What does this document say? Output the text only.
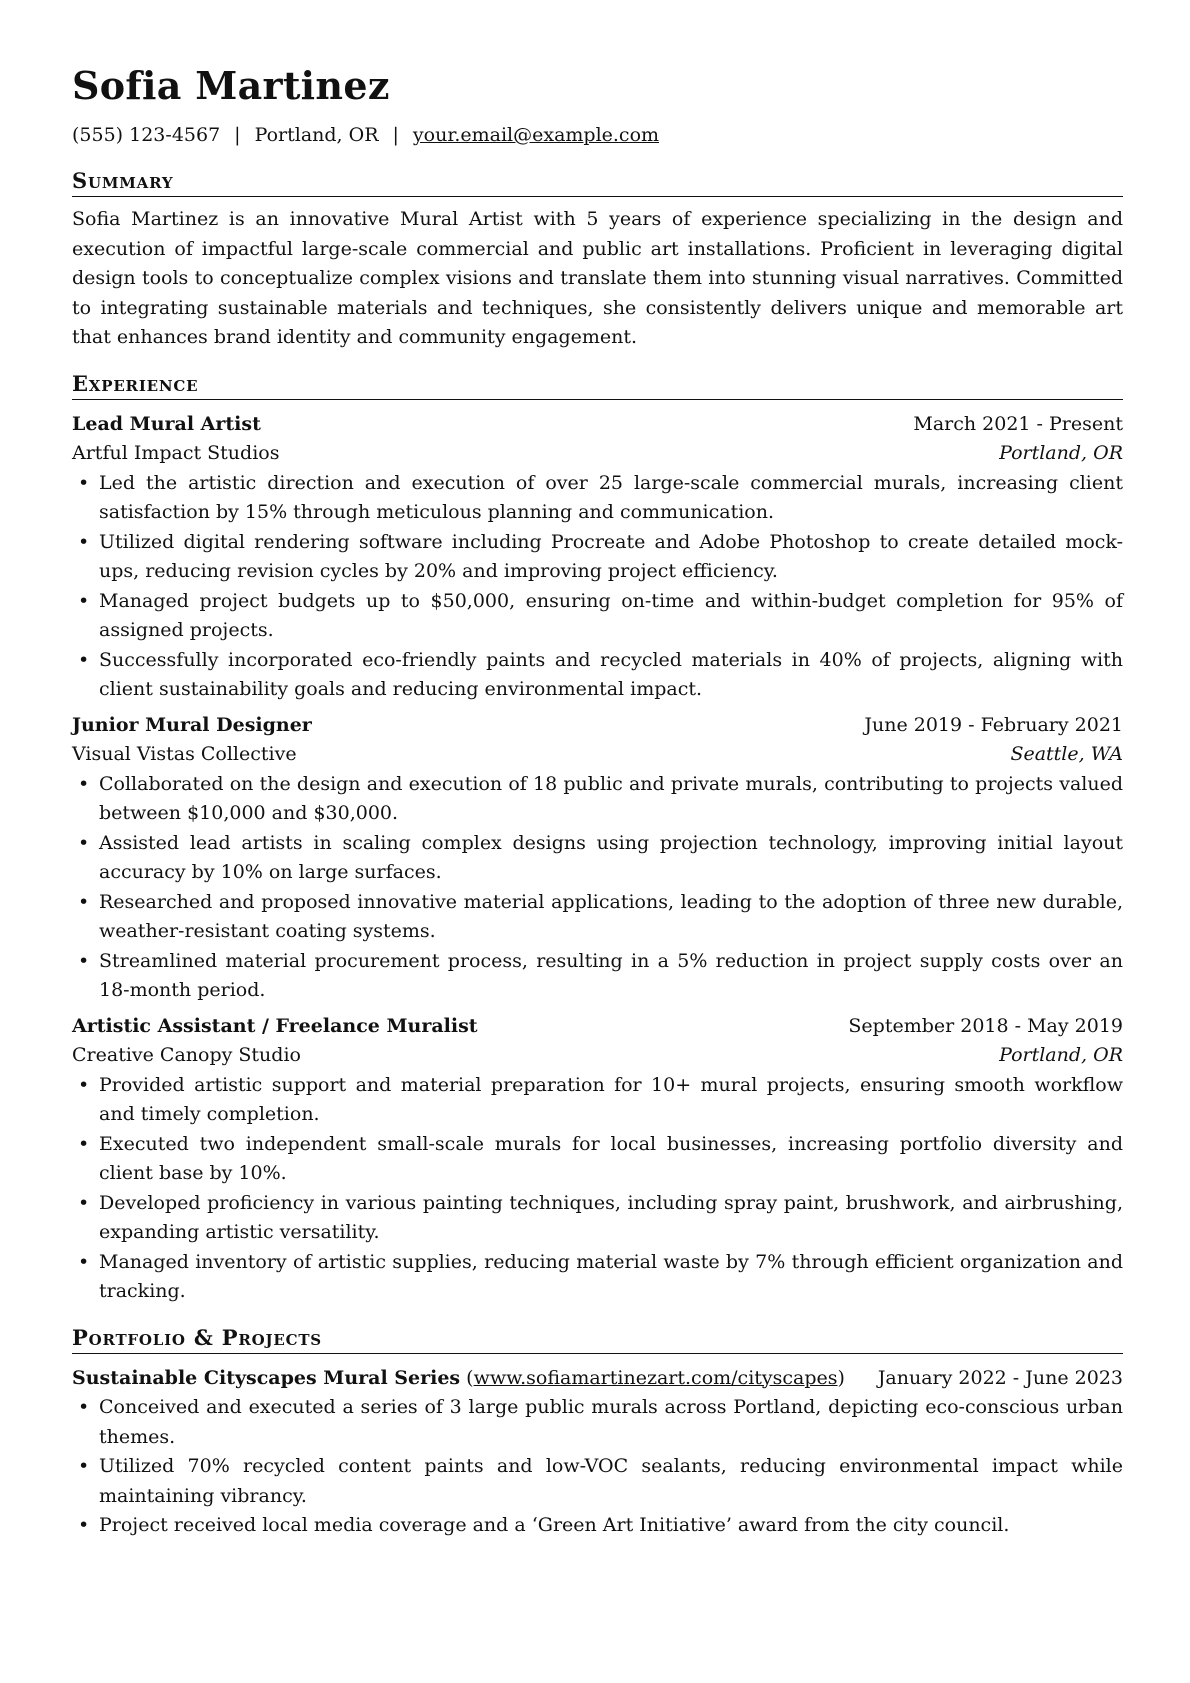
Sofia Martinez
(555) 123-4567 | Portland, OR | your.email@example.com
Summary

Sofia Martinez is an innovative Mural Artist with 5 years of experience specializing in the design and execution of impactful large-scale commercial and public art installations. Proficient in leveraging digital design tools to conceptualize complex visions and translate them into stunning visual narratives. Committed to integrating sustainable materials and techniques, she consistently delivers unique and memorable art that enhances brand identity and community engagement.

Experience
Lead Mural Artist	March 2021 - Present
Artful Impact Studios	Portland, OR
• Led the artistic direction and execution of over 25 large-scale commercial murals, increasing client satisfaction by 15% through meticulous planning and communication.
• Utilized digital rendering software including Procreate and Adobe Photoshop to create detailed mock-ups, reducing revision cycles by 20% and improving project efficiency.
• Managed project budgets up to $50,000, ensuring on-time and within-budget completion for 95% of assigned projects.
• Successfully incorporated eco-friendly paints and recycled materials in 40% of projects, aligning with client sustainability goals and reducing environmental impact.
Junior Mural Designer	June 2019 - February 2021
Visual Vistas Collective	Seattle, WA
• Collaborated on the design and execution of 18 public and private murals, contributing to projects valued between $10,000 and $30,000.
• Assisted lead artists in scaling complex designs using projection technology, improving initial layout accuracy by 10% on large surfaces.
• Researched and proposed innovative material applications, leading to the adoption of three new durable, weather-resistant coating systems.
• Streamlined material procurement process, resulting in a 5% reduction in project supply costs over an 18-month period.
Artistic Assistant / Freelance Muralist	September 2018 - May 2019
Creative Canopy Studio	Portland, OR
• Provided artistic support and material preparation for 10+ mural projects, ensuring smooth workflow and timely completion.
• Executed two independent small-scale murals for local businesses, increasing portfolio diversity and client base by 10%.
• Developed proficiency in various painting techniques, including spray paint, brushwork, and airbrushing, expanding artistic versatility.
• Managed inventory of artistic supplies, reducing material waste by 7% through efficient organization and tracking.
Portfolio & Projects
Sustainable Cityscapes Mural Series (www.sofiamartinezart.com/cityscapes) January 2022 - June 2023
• Conceived and executed a series of 3 large public murals across Portland, depicting eco-conscious urban themes.
• Utilized 70% recycled content paints and low-VOC sealants, reducing environmental impact while maintaining vibrancy.
• Project received local media coverage and a ‘Green Art Initiative’ award from the city council.
